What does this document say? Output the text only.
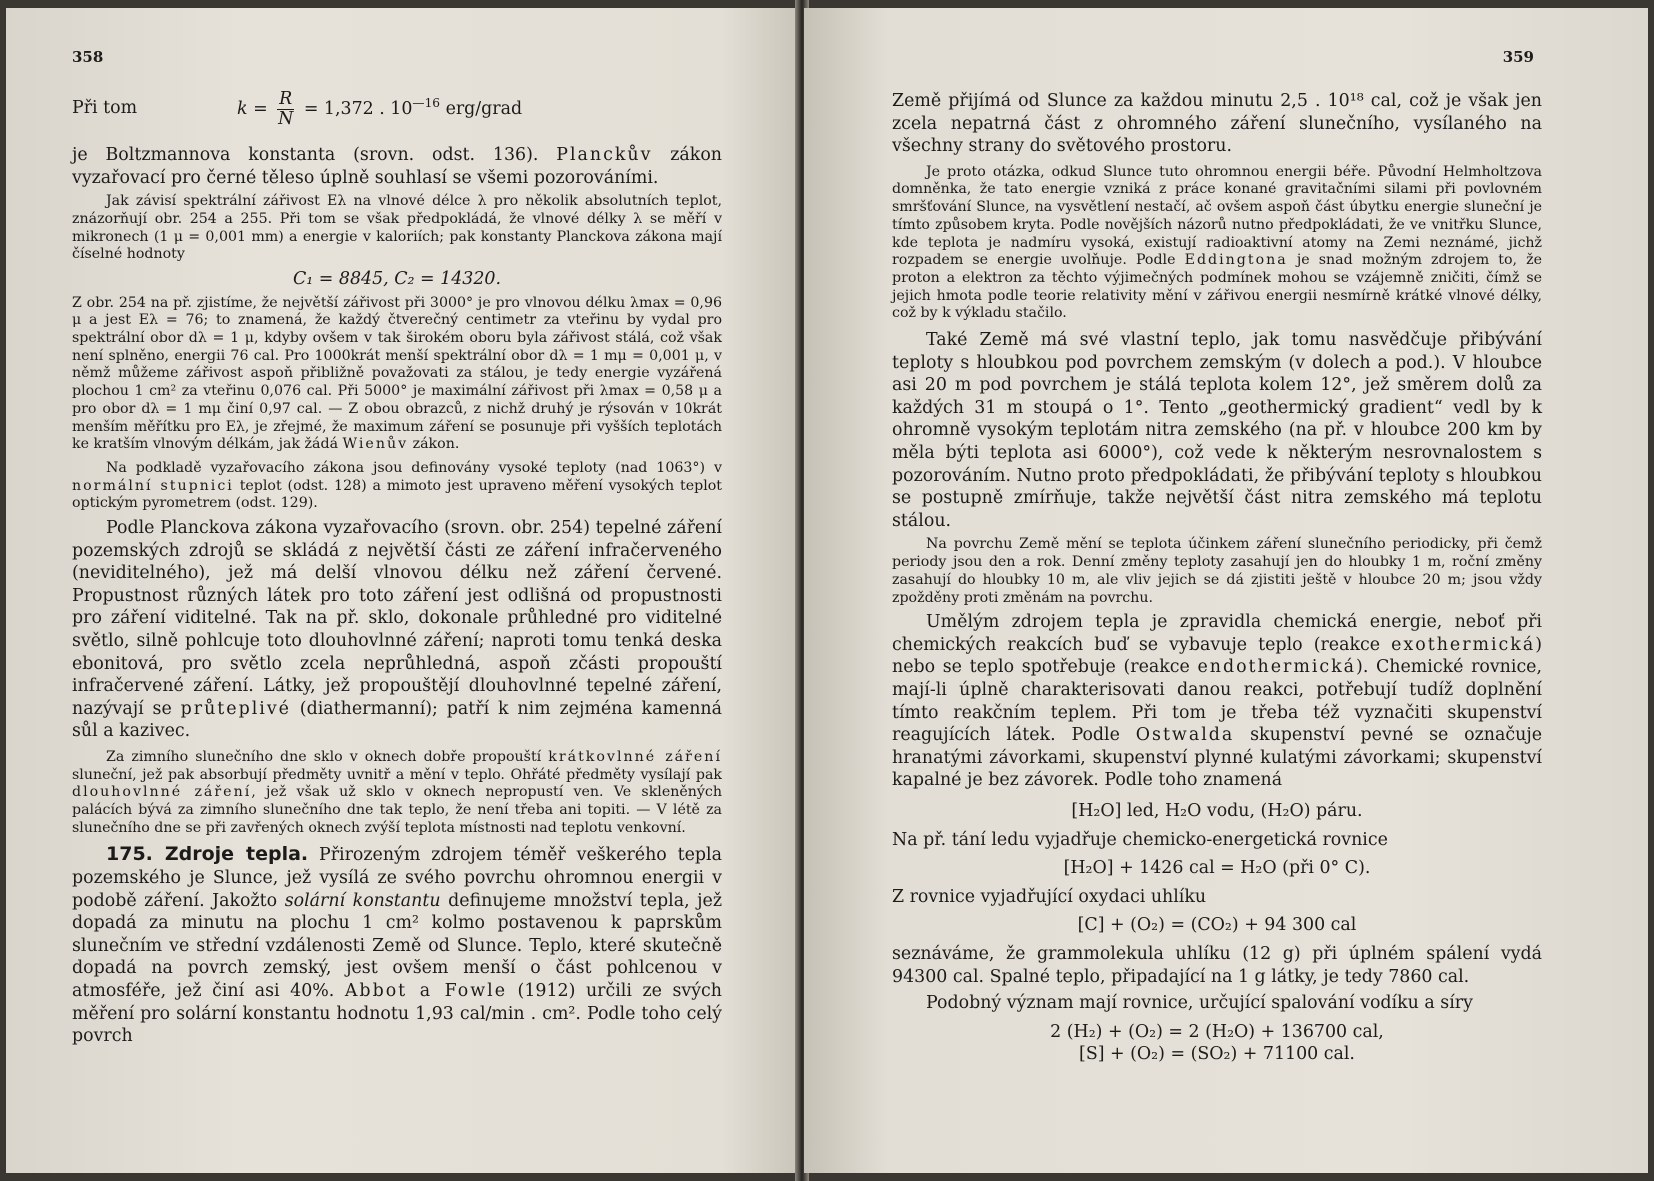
358
Při tom	$k = \frac{R}{N} = 1,372$ . $10^{—16}$ erg/grad

je Boltzmannova konstanta (srovn. odst. 136). Planckův zákon vyzařovací pro černé těleso úplně souhlasí se všemi pozorováními.

Jak závisí spektrální zářivost Eλ na vlnové délce λ pro několik absolutních teplot, znázorňují obr. 254 a 255. Při tom se však předpokládá, že vlnové délky λ se měří v mikronech (1 μ = 0,001 mm) a energie v kaloriích; pak konstanty Planckova zákona mají číselné hodnoty

C₁ = 8845, C₂ = 14320.

Z obr. 254 na př. zjistíme, že největší zářivost při 3000° je pro vlnovou délku λmax = 0,96 μ a jest Eλ = 76; to znamená, že každý čtverečný centimetr za vteřinu by vydal pro spektrální obor dλ = 1 μ, kdyby ovšem v tak širokém oboru byla zářivost stálá, což však není splněno, energii 76 cal. Pro 1000krát menší spektrální obor dλ = 1 mμ = 0,001 μ, v němž můžeme zářivost aspoň přibližně považovati za stálou, je tedy energie vyzářená plochou 1 cm² za vteřinu 0,076 cal. Při 5000° je maximální zářivost při λmax = 0,58 μ a pro obor dλ = 1 mμ činí 0,97 cal. — Z obou obrazců, z nichž druhý je rýsován v 10krát menším měřítku pro Eλ, je zřejmé, že maximum záření se posunuje při vyšších teplotách ke kratším vlnovým délkám, jak žádá Wienův zákon.

Na podkladě vyzařovacího zákona jsou definovány vysoké teploty (nad 1063°) v normální stupnici teplot (odst. 128) a mimoto jest upraveno měření vysokých teplot optickým pyrometrem (odst. 129).

Podle Planckova zákona vyzařovacího (srovn. obr. 254) tepelné záření pozemských zdrojů se skládá z největší části ze záření infračerveného (neviditelného), jež má delší vlnovou délku než záření červené. Propustnost různých látek pro toto záření jest odlišná od propustnosti pro záření viditelné. Tak na př. sklo, dokonale průhledné pro viditelné světlo, silně pohlcuje toto dlouhovlnné záření; naproti tomu tenká deska ebonitová, pro světlo zcela neprůhledná, aspoň zčásti propouští infračervené záření. Látky, jež propouštějí dlouhovlnné tepelné záření, nazývají se průteplivé (diathermanní); patří k nim zejména kamenná sůl a kazivec.

Za zimního slunečního dne sklo v oknech dobře propouští krátkovlnné záření sluneční, jež pak absorbují předměty uvnitř a mění v teplo. Ohřáté předměty vysílají pak dlouhovlnné záření, jež však už sklo v oknech nepropustí ven. Ve skleněných palácích bývá za zimního slunečního dne tak teplo, že není třeba ani topiti. — V létě za slunečního dne se při zavřených oknech zvýší teplota místnosti nad teplotu venkovní.

175. Zdroje tepla. Přirozeným zdrojem téměř veškerého tepla pozemského je Slunce, jež vysílá ze svého povrchu ohromnou energii v podobě záření. Jakožto solární konstantu definujeme množství tepla, jež dopadá za minutu na plochu 1 cm² kolmo postavenou k paprskům slunečním ve střední vzdálenosti Země od Slunce. Teplo, které skutečně dopadá na povrch zemský, jest ovšem menší o část pohlcenou v atmosféře, jež činí asi 40%. Abbot a Fowle (1912) určili ze svých měření pro solární konstantu hodnotu 1,93 cal/min . cm². Podle toho celý povrch

359

Země přijímá od Slunce za každou minutu 2,5 . 10¹⁸ cal, což je však jen zcela nepatrná část z ohromného záření slunečního, vysílaného na všechny strany do světového prostoru.

Je proto otázka, odkud Slunce tuto ohromnou energii béře. Původní Helmholtzova domněnka, že tato energie vzniká z práce konané gravitačními silami při povlovném smršťování Slunce, na vysvětlení nestačí, ač ovšem aspoň část úbytku energie sluneční je tímto způsobem kryta. Podle novějších názorů nutno předpokládati, že ve vnitřku Slunce, kde teplota je nadmíru vysoká, existují radioaktivní atomy na Zemi neznámé, jichž rozpadem se energie uvolňuje. Podle Eddingtona je snad možným zdrojem to, že proton a elektron za těchto výjimečných podmínek mohou se vzájemně zničiti, čímž se jejich hmota podle teorie relativity mění v zářivou energii nesmírně krátké vlnové délky, což by k výkladu stačilo.

Také Země má své vlastní teplo, jak tomu nasvědčuje přibývání teploty s hloubkou pod povrchem zemským (v dolech a pod.). V hloubce asi 20 m pod povrchem je stálá teplota kolem 12°, jež směrem dolů za každých 31 m stoupá o 1°. Tento „geothermický gradient“ vedl by k ohromně vysokým teplotám nitra zemského (na př. v hloubce 200 km by měla býti teplota asi 6000°), což vede k některým nesrovnalostem s pozorováním. Nutno proto předpokládati, že přibývání teploty s hloubkou se postupně zmírňuje, takže největší část nitra zemského má teplotu stálou.

Na povrchu Země mění se teplota účinkem záření slunečního periodicky, při čemž periody jsou den a rok. Denní změny teploty zasahují jen do hloubky 1 m, roční změny zasahují do hloubky 10 m, ale vliv jejich se dá zjistiti ještě v hloubce 20 m; jsou vždy zpožděny proti změnám na povrchu.

Umělým zdrojem tepla je zpravidla chemická energie, neboť při chemických reakcích buď se vybavuje teplo (reakce exothermická) nebo se teplo spotřebuje (reakce endothermická). Chemické rovnice, mají-li úplně charakterisovati danou reakci, potřebují tudíž doplnění tímto reakčním teplem. Při tom je třeba též vyznačiti skupenství reagujících látek. Podle Ostwalda skupenství pevné se označuje hranatými závorkami, skupenství plynné kulatými závorkami; skupenství kapalné je bez závorek. Podle toho znamená

[H₂O] led, H₂O vodu, (H₂O) páru.

Na př. tání ledu vyjadřuje chemicko-energetická rovnice

[H₂O] + 1426 cal = H₂O (při 0° C).

Z rovnice vyjadřující oxydaci uhlíku

[C] + (O₂) = (CO₂) + 94 300 cal

seznáváme, že grammolekula uhlíku (12 g) při úplném spálení vydá 94300 cal. Spalné teplo, připadající na 1 g látky, je tedy 7860 cal.

Podobný význam mají rovnice, určující spalování vodíku a síry

2 (H₂) + (O₂) = 2 (H₂O) + 136700 cal,

[S] + (O₂) = (SO₂) + 71100 cal.
